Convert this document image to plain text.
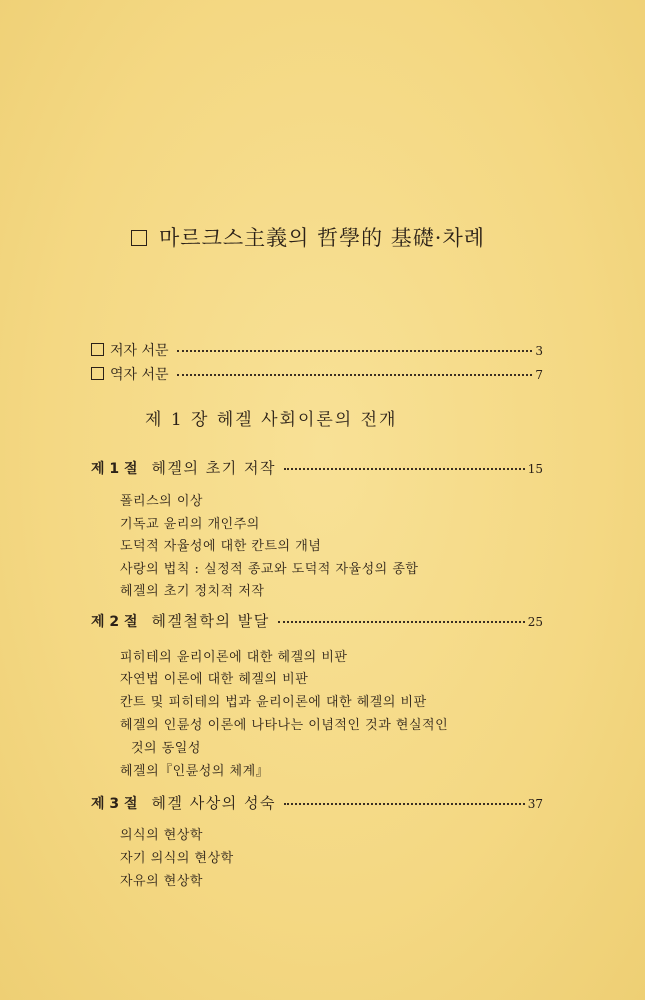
마르크스主義의 哲學的 基礎·차례
저자 서문	3
역자 서문	7
제 1 장 헤겔 사회이론의 전개
제 1 절 헤겔의 초기 저작	15
폴리스의 이상
기독교 윤리의 개인주의
도덕적 자율성에 대한 칸트의 개념
사랑의 법칙 : 실정적 종교와 도덕적 자율성의 종합
헤겔의 초기 정치적 저작
제 2 절 헤겔철학의 발달	25
피히테의 윤리이론에 대한 헤겔의 비판
자연법 이론에 대한 헤겔의 비판
칸트 및 피히테의 법과 윤리이론에 대한 헤겔의 비판
헤겔의 인륜성 이론에 나타나는 이념적인 것과 현실적인
것의 동일성
헤겔의『인륜성의 체계』
제 3 절 헤겔 사상의 성숙	37
의식의 현상학
자기 의식의 현상학
자유의 현상학
